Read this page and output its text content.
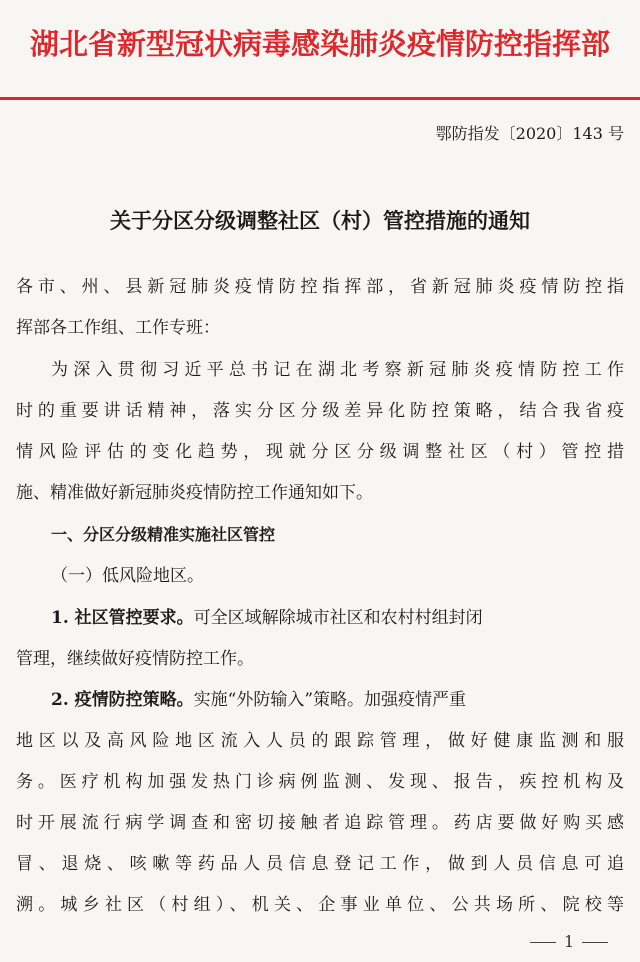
湖北省新型冠状病毒感染肺炎疫情防控指挥部
鄂防指发〔2020〕143 号
关于分区分级调整社区（村）管控措施的通知
各市、州、县新冠肺炎疫情防控指挥部，省新冠肺炎疫情防控指
挥部各工作组、工作专班：
为深入贯彻习近平总书记在湖北考察新冠肺炎疫情防控工作
时的重要讲话精神，落实分区分级差异化防控策略，结合我省疫
情风险评估的变化趋势，现就分区分级调整社区（村）管控措
施、精准做好新冠肺炎疫情防控工作通知如下。
一、分区分级精准实施社区管控
（一）低风险地区。
1. 社区管控要求。可全区域解除城市社区和农村村组封闭
管理，继续做好疫情防控工作。
2. 疫情防控策略。实施“外防输入”策略。加强疫情严重
地区以及高风险地区流入人员的跟踪管理，做好健康监测和服
务。医疗机构加强发热门诊病例监测、发现、报告，疾控机构及
时开展流行病学调查和密切接触者追踪管理。药店要做好购买感
冒、退烧、咳嗽等药品人员信息登记工作，做到人员信息可追
溯。城乡社区（村组）、机关、企事业单位、公共场所、院校等
1
